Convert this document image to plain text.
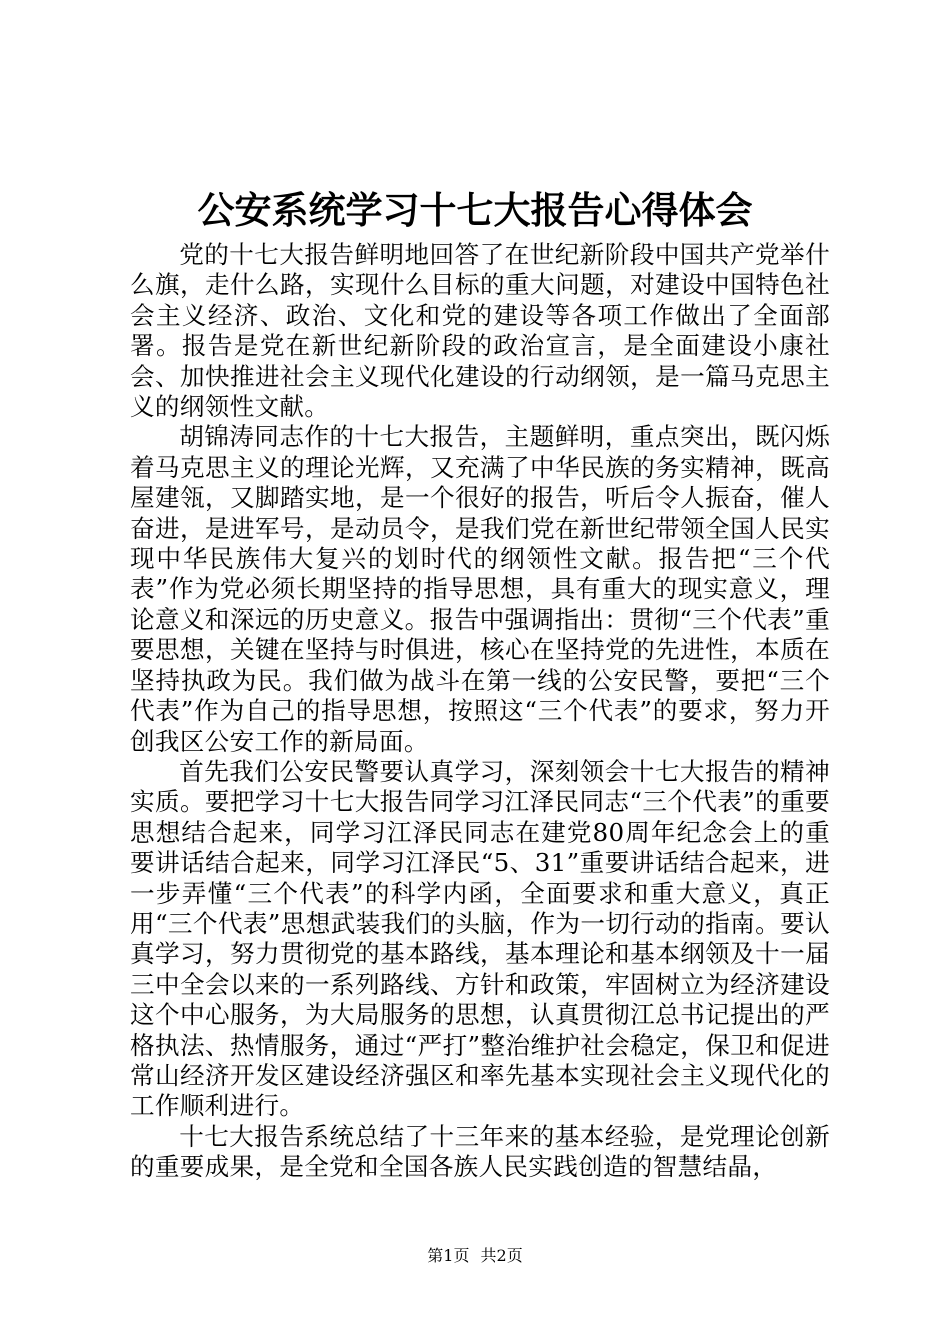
公安系统学习十七大报告心得体会

党的十七大报告鲜明地回答了在世纪新阶段中国共产党举什么旗，走什么路，实现什么目标的重大问题，对建设中国特色社会主义经济、政治、文化和党的建设等各项工作做出了全面部署。报告是党在新世纪新阶段的政治宣言，是全面建设小康社会、加快推进社会主义现代化建设的行动纲领，是一篇马克思主义的纲领性文献。

胡锦涛同志作的十七大报告，主题鲜明，重点突出，既闪烁着马克思主义的理论光辉，又充满了中华民族的务实精神，既高屋建瓴，又脚踏实地，是一个很好的报告，听后令人振奋，催人奋进，是进军号，是动员令，是我们党在新世纪带领全国人民实现中华民族伟大复兴的划时代的纲领性文献。报告把“三个代表”作为党必须长期坚持的指导思想，具有重大的现实意义，理论意义和深远的历史意义。报告中强调指出：贯彻“三个代表”重要思想，关键在坚持与时俱进，核心在坚持党的先进性，本质在坚持执政为民。我们做为战斗在第一线的公安民警，要把“三个代表”作为自己的指导思想，按照这“三个代表”的要求，努力开创我区公安工作的新局面。

首先我们公安民警要认真学习，深刻领会十七大报告的精神实质。要把学习十七大报告同学习江泽民同志“三个代表”的重要思想结合起来，同学习江泽民同志在建党80周年纪念会上的重要讲话结合起来，同学习江泽民“5、31”重要讲话结合起来，进一步弄懂“三个代表”的科学内函，全面要求和重大意义，真正用“三个代表”思想武装我们的头脑，作为一切行动的指南。要认真学习，努力贯彻党的基本路线，基本理论和基本纲领及十一届三中全会以来的一系列路线、方针和政策，牢固树立为经济建设这个中心服务，为大局服务的思想，认真贯彻江总书记提出的严格执法、热情服务，通过“严打”整治维护社会稳定，保卫和促进常山经济开发区建设经济强区和率先基本实现社会主义现代化的工作顺利进行。

十七大报告系统总结了十三年来的基本经验，是党理论创新的重要成果，是全党和全国各族人民实践创造的智慧结晶，

第1页 共2页
